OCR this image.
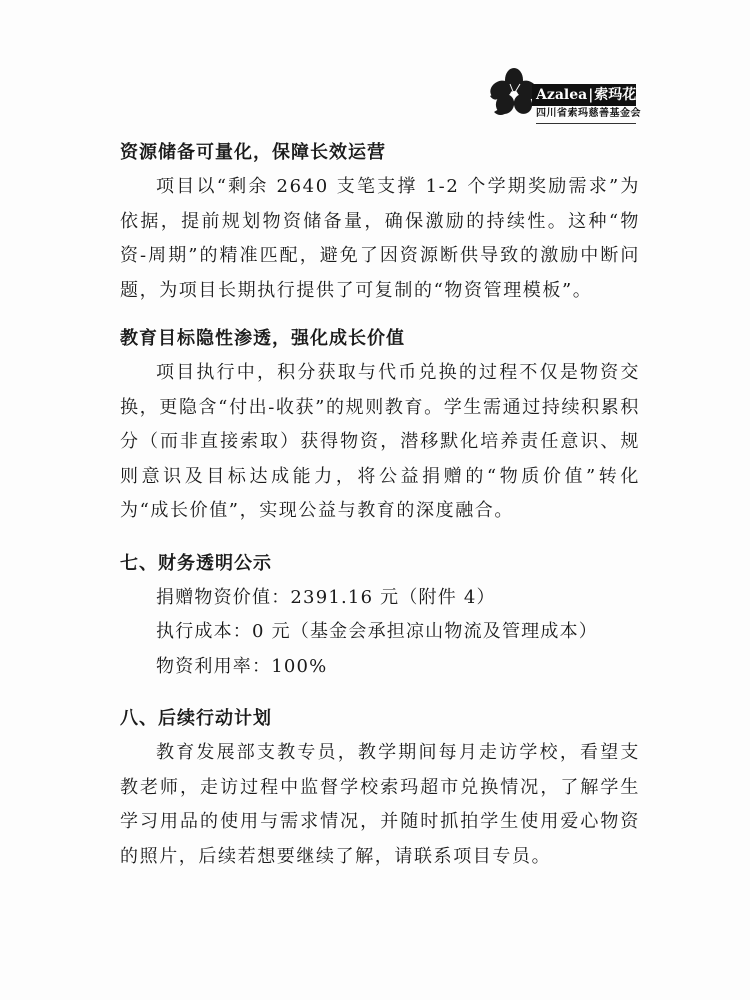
Azalea|索玛花
四川省索玛慈善基金会
资源储备可量化，保障长效运营

项目以“剩余 2640 支笔支撑 1-2 个学期奖励需求”为依据，提前规划物资储备量，确保激励的持续性。这种“物资-周期”的精准匹配，避免了因资源断供导致的激励中断问题，为项目长期执行提供了可复制的“物资管理模板”。

教育目标隐性渗透，强化成长价值

项目执行中，积分获取与代币兑换的过程不仅是物资交换，更隐含“付出-收获”的规则教育。学生需通过持续积累积分（而非直接索取）获得物资，潜移默化培养责任意识、规则意识及目标达成能力，将公益捐赠的“物质价值”转化为“成长价值”，实现公益与教育的深度融合。

七、财务透明公示

捐赠物资价值：2391.16 元（附件 4）

执行成本：0 元（基金会承担凉山物流及管理成本）

物资利用率：100%

八、后续行动计划

教育发展部支教专员，教学期间每月走访学校，看望支教老师，走访过程中监督学校索玛超市兑换情况，了解学生学习用品的使用与需求情况，并随时抓拍学生使用爱心物资的照片，后续若想要继续了解，请联系项目专员。
